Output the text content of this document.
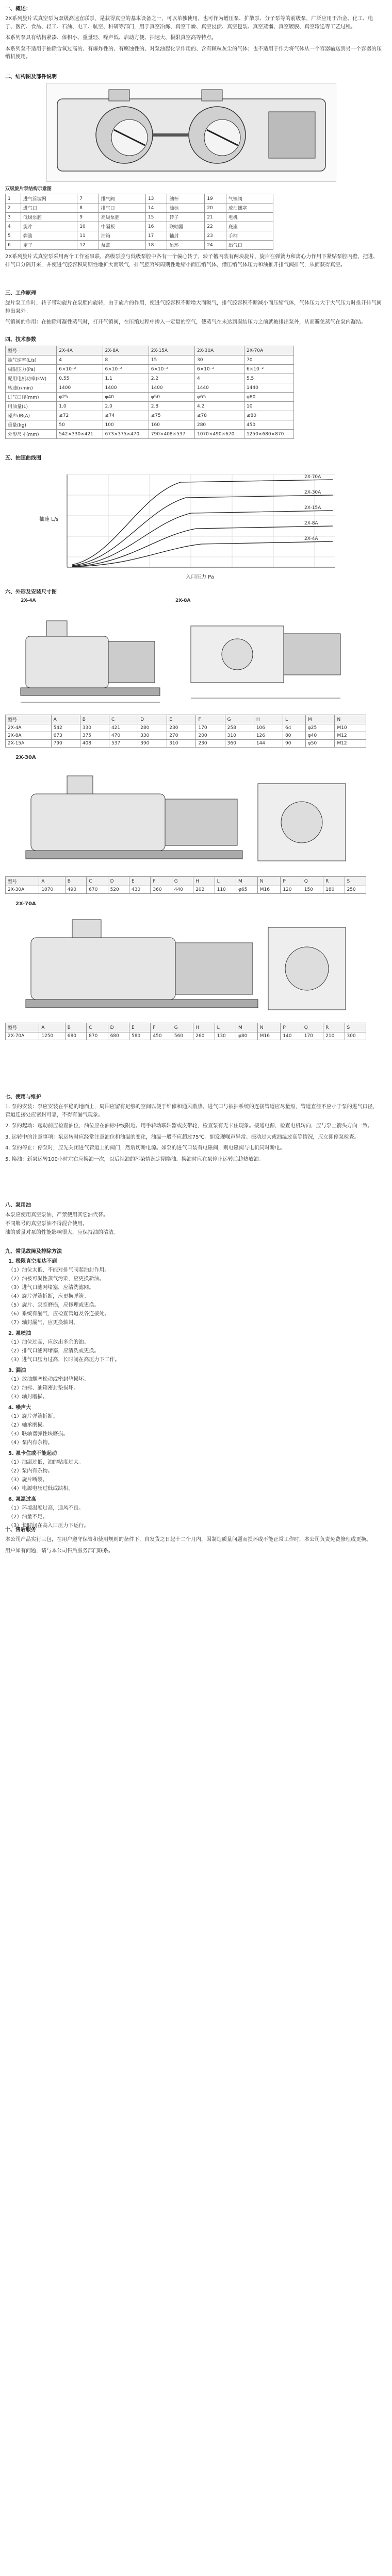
一、概述：
2X系列旋片式真空泵为双级高速直联泵，是获得真空的基本设备之一，可以单独使用，也可作为增压泵、扩散泵、分子泵等的前级泵，广泛应用于冶金、化工、电子、医药、食品、轻工、石油、电工、航空、科研等部门，用于真空冶炼、真空干燥、真空浸渍、真空包装、真空蒸馏、真空镀膜、真空输送等工艺过程。
本系列泵具有结构紧凑、体积小、重量轻、噪声低、启动方便、抽速大、极限真空高等特点。
本系列泵不适用于抽除含氧过高的、有爆炸性的、有腐蚀性的、对泵油起化学作用的、含有颗粒灰尘的气体；也不适用于作为将气体从一个容器输送到另一个容器的压缩机使用。
二、结构图及部件说明
双级旋片泵结构示意图
1	进气管滤网	7	排气阀	13	油杯	19	气镇阀
2	进气口	8	排气口	14	油标	20	放油螺塞
3	低级泵腔	9	高级泵腔	15	转子	21	电机
4	旋片	10	中隔板	16	联轴器	22	底座
5	弹簧	11	油箱	17	轴封	23	手柄
6	定子	12	泵盖	18	吊环	24	出气口
2X系列旋片式真空泵采用两个工作室串联，高级泵腔与低级泵腔中各有一个偏心转子，转子槽内装有两块旋片，旋片在弹簧力和离心力作用下紧贴泵腔内壁，把进、排气口分隔开来，并使进气腔容积周期性地扩大而吸气，排气腔容积周期性地缩小而压缩气体，借压缩气体压力和油推开排气阀排气，从而获得真空。
三、工作原理
旋片泵工作时，转子带动旋片在泵腔内旋转，由于旋片的作用，使进气腔容积不断增大而吸气，排气腔容积不断减小而压缩气体，气体压力大于大气压力时推开排气阀排出泵外。
气镇阀的作用：在抽除可凝性蒸气时，打开气镇阀，在压缩过程中掺入一定量的空气，使蒸气在未达到凝结压力之前就被排出泵外，从而避免蒸气在泵内凝结。
四、技术参数
型号	2X-4A	2X-8A	2X-15A	2X-30A	2X-70A
抽气速率(L/s)	4	8	15	30	70
极限压力(Pa)	6×10⁻²	6×10⁻²	6×10⁻²	6×10⁻²	6×10⁻²
配用电机功率(kW)	0.55	1.1	2.2	4	5.5
转速(r/min)	1400	1400	1400	1440	1440
进气口径(mm)	φ25	φ40	φ50	φ65	φ80
用油量(L)	1.0	2.0	2.8	4.2	10
噪声dB(A)	≤72	≤74	≤75	≤78	≤80
重量(kg)	50	100	160	280	450
外形尺寸(mm)	542×330×421	673×375×470	790×408×537	1070×490×670	1250×680×870
五、抽速曲线图
抽速 L/s
入口压力 Pa
2X-70A
2X-30A
2X-15A
2X-8A
2X-4A
六、外形及安装尺寸图
2X-4A	2X-8A
型号	A	B	C	D	E	F	G	H	L	M	N
2X-4A	542	330	421	280	230	170	258	106	64	φ25	M10
2X-8A	673	375	470	330	270	200	310	126	80	φ40	M12
2X-15A	790	408	537	390	310	230	360	144	90	φ50	M12
2X-30A
型号	A	B	C	D	E	F	G	H	L	M	N	P	Q	R	S
2X-30A	1070	490	670	520	430	360	440	202	110	φ65	M16	120	150	180	250
2X-70A
型号	A	B	C	D	E	F	G	H	L	M	N	P	Q	R	S
2X-70A	1250	680	870	680	580	450	560	260	130	φ80	M16	140	170	210	300
七、使用与维护
1. 泵的安装：泵应安装在平稳的地面上，周围应留有足够的空间以便于维修和通风散热。进气口与被抽系统的连接管道应尽量短，管道直径不应小于泵的进气口径，管道连接处应密封可靠，不得有漏气现象。
2. 泵的起动：起动前应检查油位，油位应在油标中线附近。用手转动联轴器或皮带轮，检查泵有无卡住现象。接通电源，检查电机转向，应与泵上箭头方向一致。
3. 运转中的注意事项：泵运转时应经常注意油位和油温的变化，油温一般不应超过75℃。如发现噪声异常、振动过大或油温过高等情况，应立即停泵检查。
4. 泵的停止：停泵时，应先关闭进气管道上的阀门，然后切断电源。如泵的进气口装有电磁阀，则电磁阀与电机同时断电。
5. 换油：新泵运转100小时左右应换油一次，以后视油的污染情况定期换油。换油时应在泵停止运转后趁热放油。
八、泵用油
本泵应使用真空泵油，严禁使用其它油代替。
不同牌号的真空泵油不得混合使用。
油的质量对泵的性能影响很大，应保持油的清洁。
九、常见故障及排除方法
1. 极限真空度达不到
（1）油位太低，不能对排气阀起油封作用。
（2）油被可凝性蒸气污染，应更换新油。
（3）进气口滤网堵塞，应清洗滤网。
（4）旋片弹簧折断，应更换弹簧。
（5）旋片、泵腔磨损，应修理或更换。
（6）系统有漏气，应检查管道及各连接处。
（7）轴封漏气，应更换轴封。
2. 泵喷油
（1）油位过高，应放出多余的油。
（2）排气口滤网堵塞，应清洗或更换。
（3）进气口压力过高，长时间在高压力下工作。
3. 漏油
（1）放油螺塞松动或密封垫损坏。
（2）油标、油箱密封垫损坏。
（3）轴封磨损。
4. 噪声大
（1）旋片弹簧折断。
（2）轴承磨损。
（3）联轴器弹性块磨损。
（4）泵内有杂物。
5. 泵卡住或不能起动
（1）油温过低，油的粘度过大。
（2）泵内有杂物。
（3）旋片断裂。
（4）电源电压过低或缺相。
6. 泵温过高
（1）环境温度过高，通风不良。
（2）油量不足。
（3）长时间在高入口压力下运行。
十、售后服务
本公司产品实行三包，在用户遵守保管和使用规则的条件下，自发货之日起十二个月内，因制造质量问题而损坏或不能正常工作时，本公司负责免费修理或更换。
用户如有问题，请与本公司售后服务部门联系。
